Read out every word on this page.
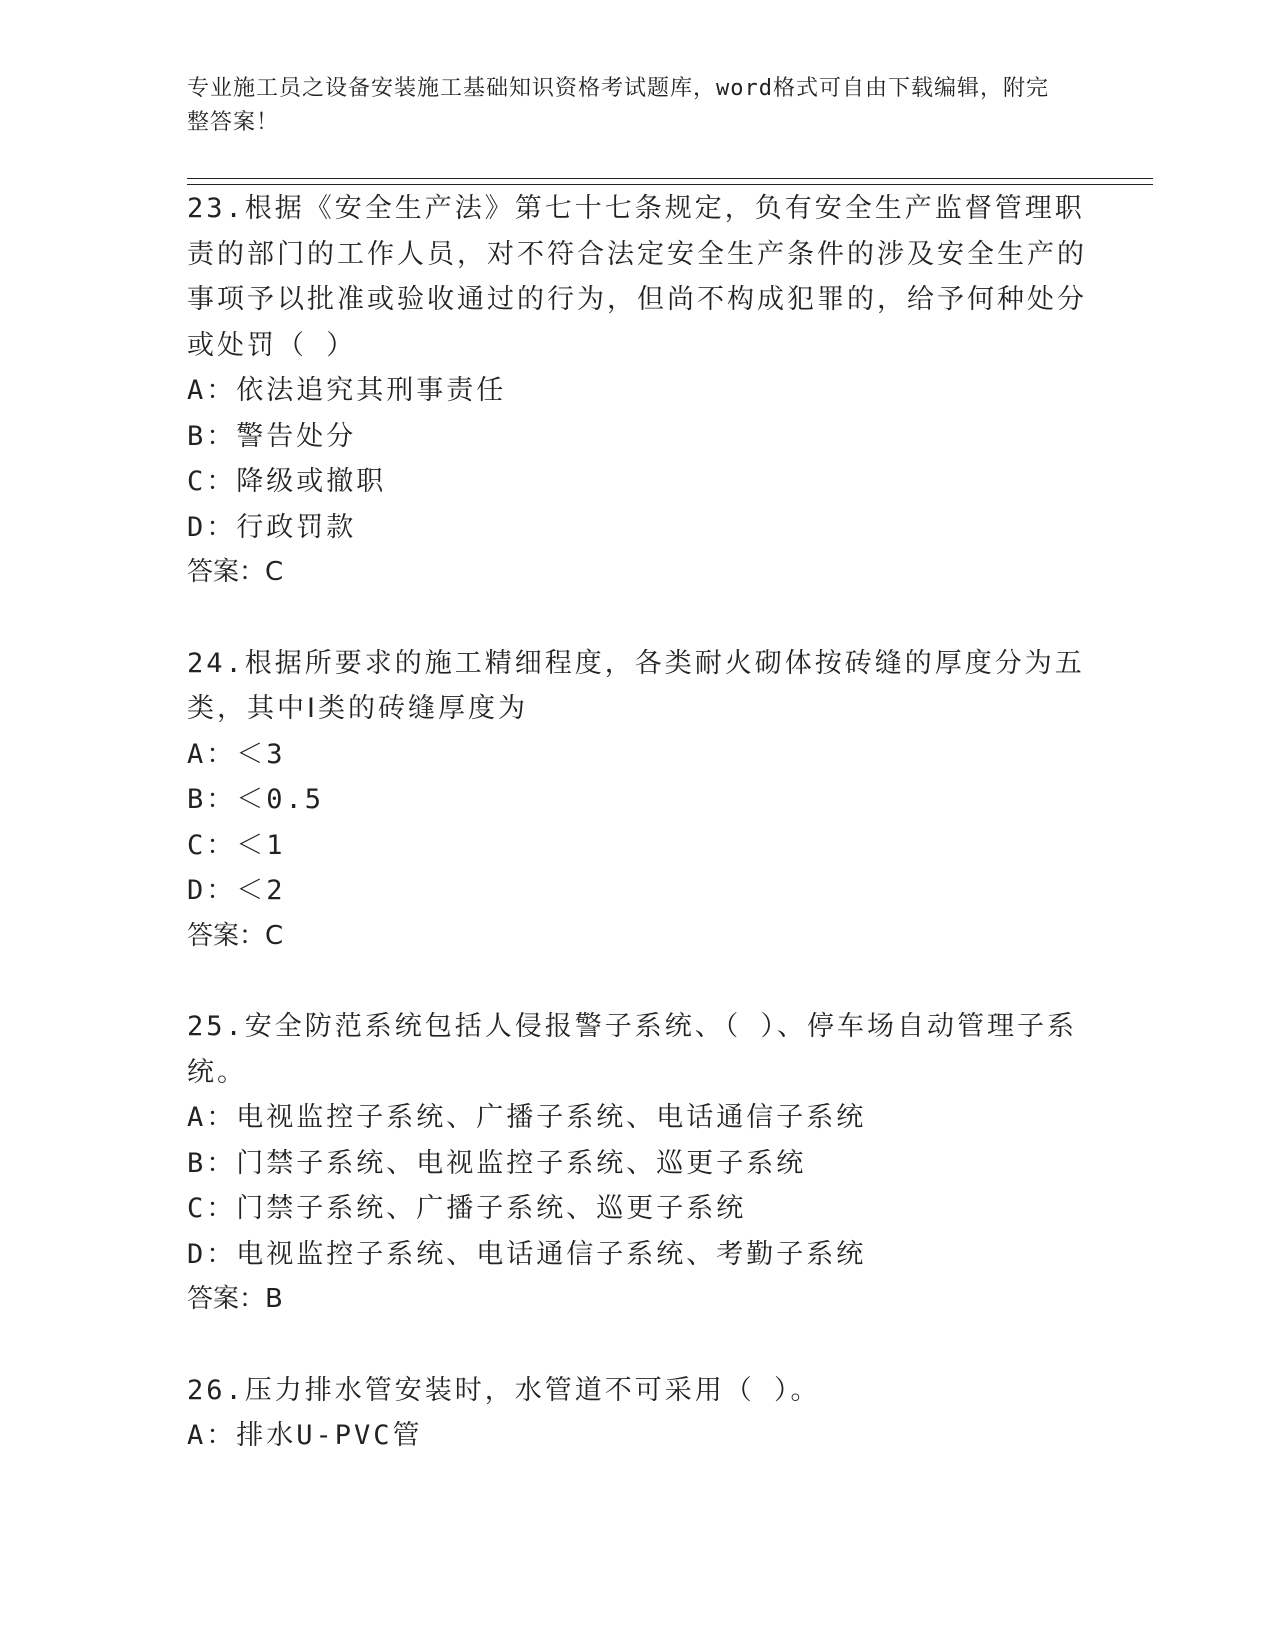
专业施工员之设备安装施工基础知识资格考试题库，word格式可自由下载编辑，附完整答案！

23.根据《安全生产法》第七十七条规定，负有安全生产监督管理职责的部门的工作人员，对不符合法定安全生产条件的涉及安全生产的事项予以批准或验收通过的行为，但尚不构成犯罪的，给予何种处分或处罚（ ）

A：依法追究其刑事责任

B：警告处分

C：降级或撤职

D：行政罚款

答案：C

24.根据所要求的施工精细程度，各类耐火砌体按砖缝的厚度分为五类，其中Ⅰ类的砖缝厚度为

A：＜3

B：＜0.5

C：＜1

D：＜2

答案：C

25.安全防范系统包括人侵报警子系统、（ ）、停车场自动管理子系统。

A：电视监控子系统、广播子系统、电话通信子系统

B：门禁子系统、电视监控子系统、巡更子系统

C：门禁子系统、广播子系统、巡更子系统

D：电视监控子系统、电话通信子系统、考勤子系统

答案：B

26.压力排水管安装时，水管道不可采用（ ）。

A：排水U-PVC管
